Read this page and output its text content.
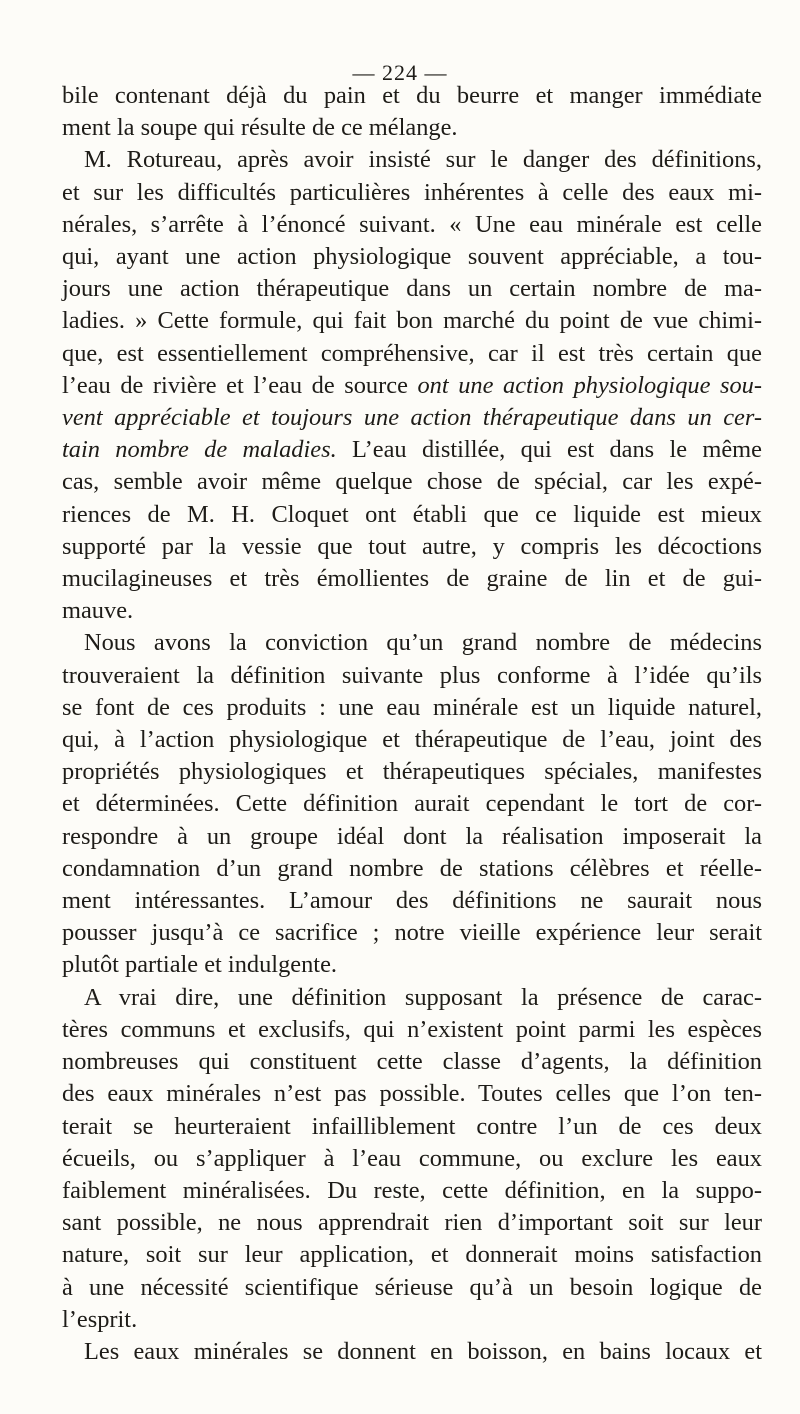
— 224 —
bile contenant déjà du pain et du beurre et manger immédiate
ment la soupe qui résulte de ce mélange.
M. Rotureau, après avoir insisté sur le danger des définitions,
et sur les difficultés particulières inhérentes à celle des eaux mi-
nérales, s’arrête à l’énoncé suivant. « Une eau minérale est celle
qui, ayant une action physiologique souvent appréciable, a tou-
jours une action thérapeutique dans un certain nombre de ma-
ladies. » Cette formule, qui fait bon marché du point de vue chimi-
que, est essentiellement compréhensive, car il est très certain que
l’eau de rivière et l’eau de source ont une action physiologique sou-
vent appréciable et toujours une action thérapeutique dans un cer-
tain nombre de maladies. L’eau distillée, qui est dans le même
cas, semble avoir même quelque chose de spécial, car les expé-
riences de M. H. Cloquet ont établi que ce liquide est mieux
supporté par la vessie que tout autre, y compris les décoctions
mucilagineuses et très émollientes de graine de lin et de gui-
mauve.
Nous avons la conviction qu’un grand nombre de médecins
trouveraient la définition suivante plus conforme à l’idée qu’ils
se font de ces produits : une eau minérale est un liquide naturel,
qui, à l’action physiologique et thérapeutique de l’eau, joint des
propriétés physiologiques et thérapeutiques spéciales, manifestes
et déterminées. Cette définition aurait cependant le tort de cor-
respondre à un groupe idéal dont la réalisation imposerait la
condamnation d’un grand nombre de stations célèbres et réelle-
ment intéressantes. L’amour des définitions ne saurait nous
pousser jusqu’à ce sacrifice ; notre vieille expérience leur serait
plutôt partiale et indulgente.
A vrai dire, une définition supposant la présence de carac-
tères communs et exclusifs, qui n’existent point parmi les espèces
nombreuses qui constituent cette classe d’agents, la définition
des eaux minérales n’est pas possible. Toutes celles que l’on ten-
terait se heurteraient infailliblement contre l’un de ces deux
écueils, ou s’appliquer à l’eau commune, ou exclure les eaux
faiblement minéralisées. Du reste, cette définition, en la suppo-
sant possible, ne nous apprendrait rien d’important soit sur leur
nature, soit sur leur application, et donnerait moins satisfaction
à une nécessité scientifique sérieuse qu’à un besoin logique de
l’esprit.
Les eaux minérales se donnent en boisson, en bains locaux et
